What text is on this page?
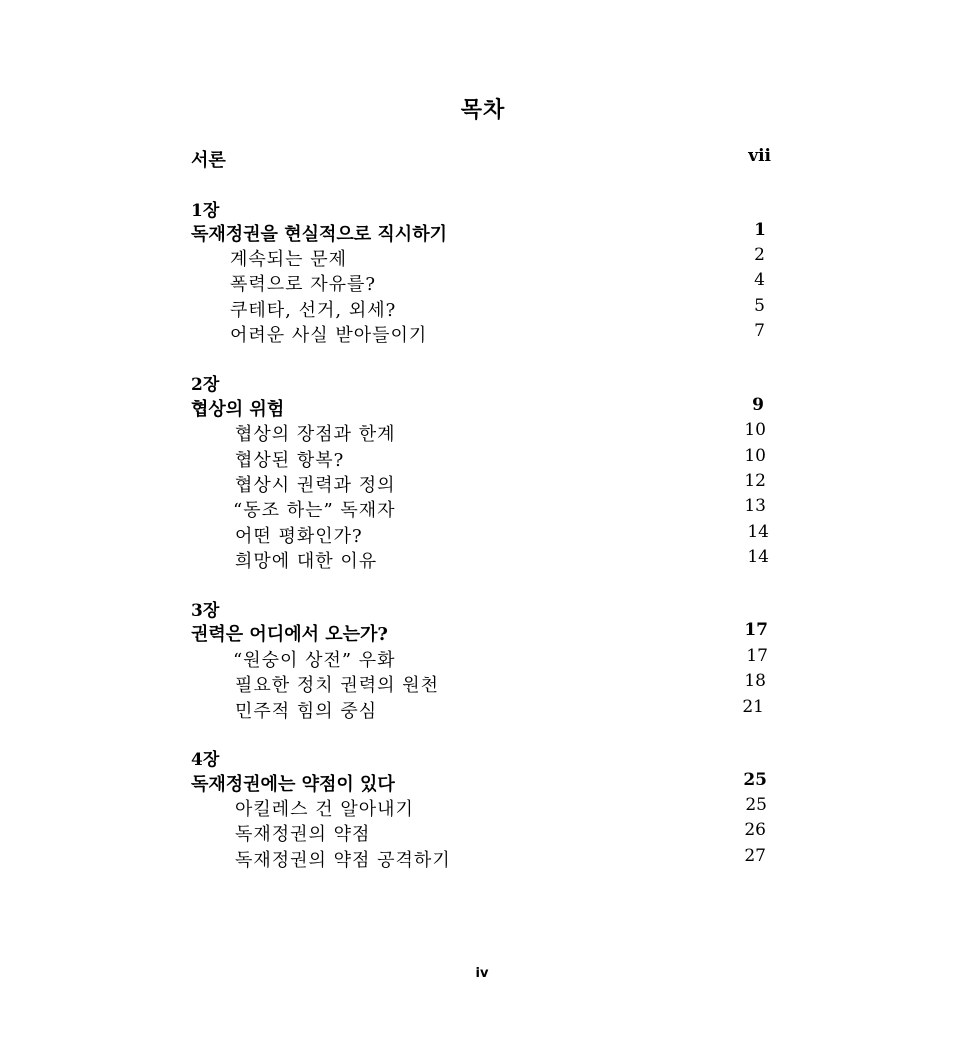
목차
서론	vii
1장
독재정권을 현실적으로 직시하기	1
계속되는 문제	2
폭력으로 자유를?	4
쿠테타, 선거, 외세?	5
어려운 사실 받아들이기	7
2장
협상의 위험	9
협상의 장점과 한계	10
협상된 항복?	10
협상시 권력과 정의	12
“동조 하는” 독재자	13
어떤 평화인가?	14
희망에 대한 이유	14
3장
권력은 어디에서 오는가?	17
“원숭이 상전” 우화	17
필요한 정치 권력의 원천	18
민주적 힘의 중심	21
4장
독재정권에는 약점이 있다	25
아킬레스 건 알아내기	25
독재정권의 약점	26
독재정권의 약점 공격하기	27
iv
